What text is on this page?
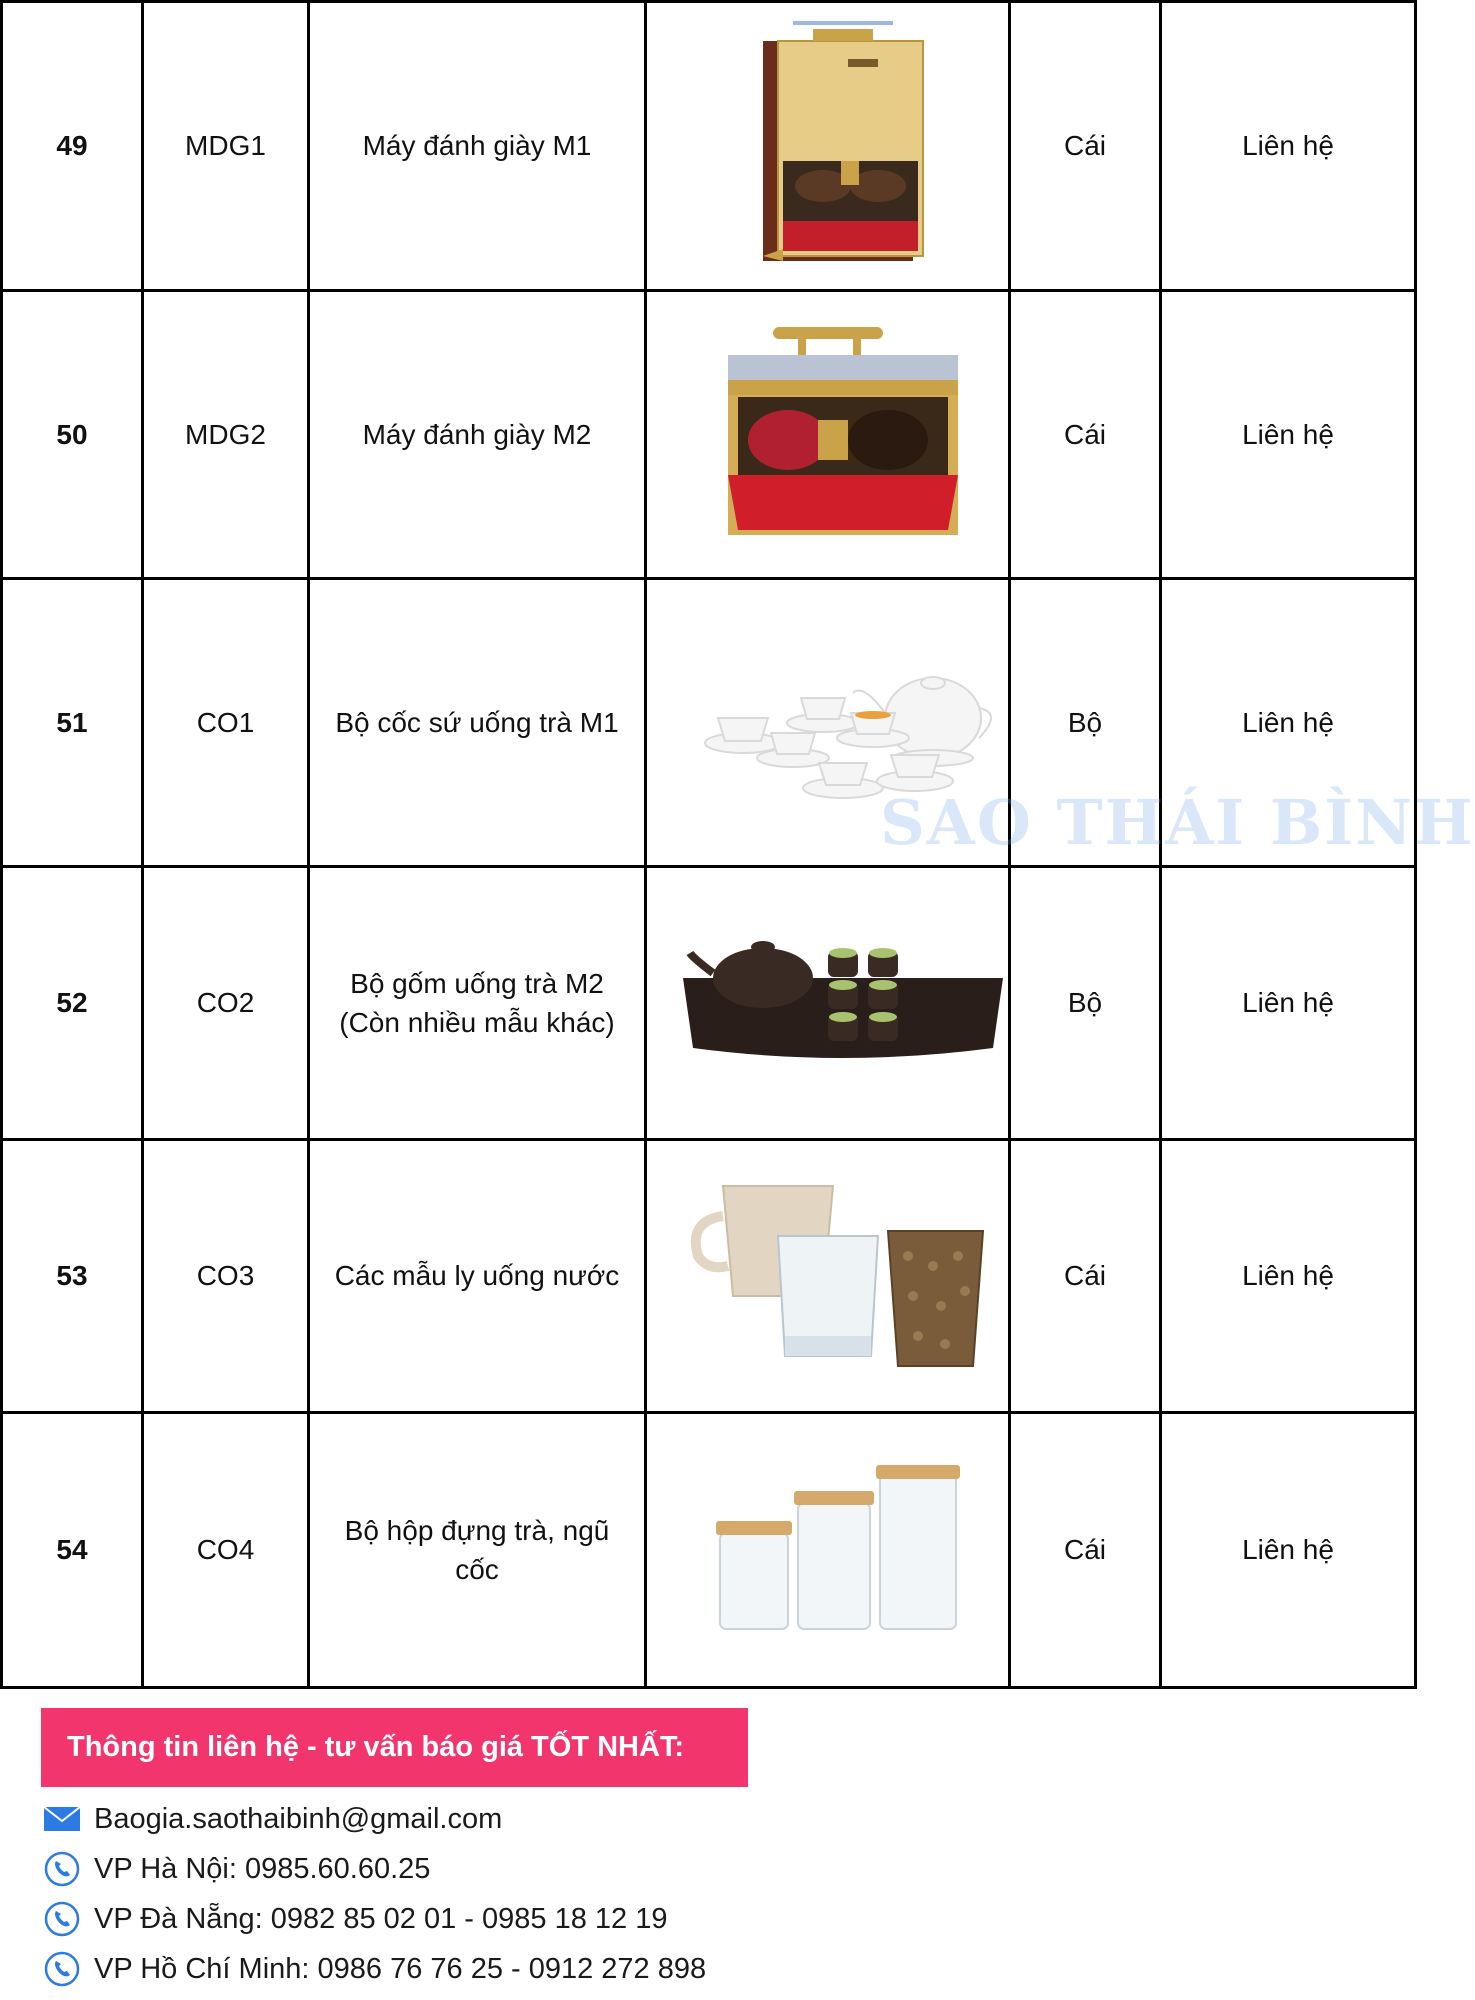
49	MDG1	Máy đánh giày M1		Cái	Liên hệ
50	MDG2	Máy đánh giày M2		Cái	Liên hệ
51	CO1	Bộ cốc sứ uống trà M1		Bộ	Liên hệ
52	CO2	Bộ gốm uống trà M2 (Còn nhiều mẫu khác)		Bộ	Liên hệ
53	CO3	Các mẫu ly uống nước		Cái	Liên hệ
54	CO4	Bộ hộp đựng trà, ngũ cốc		Cái	Liên hệ
SAO THÁI BÌNH
Thông tin liên hệ - tư vấn báo giá TỐT NHẤT:
Baogia.saothaibinh@gmail.com
VP Hà Nội: 0985.60.60.25
VP Đà Nẵng: 0982 85 02 01 - 0985 18 12 19
VP Hồ Chí Minh: 0986 76 76 25 - 0912 272 898
